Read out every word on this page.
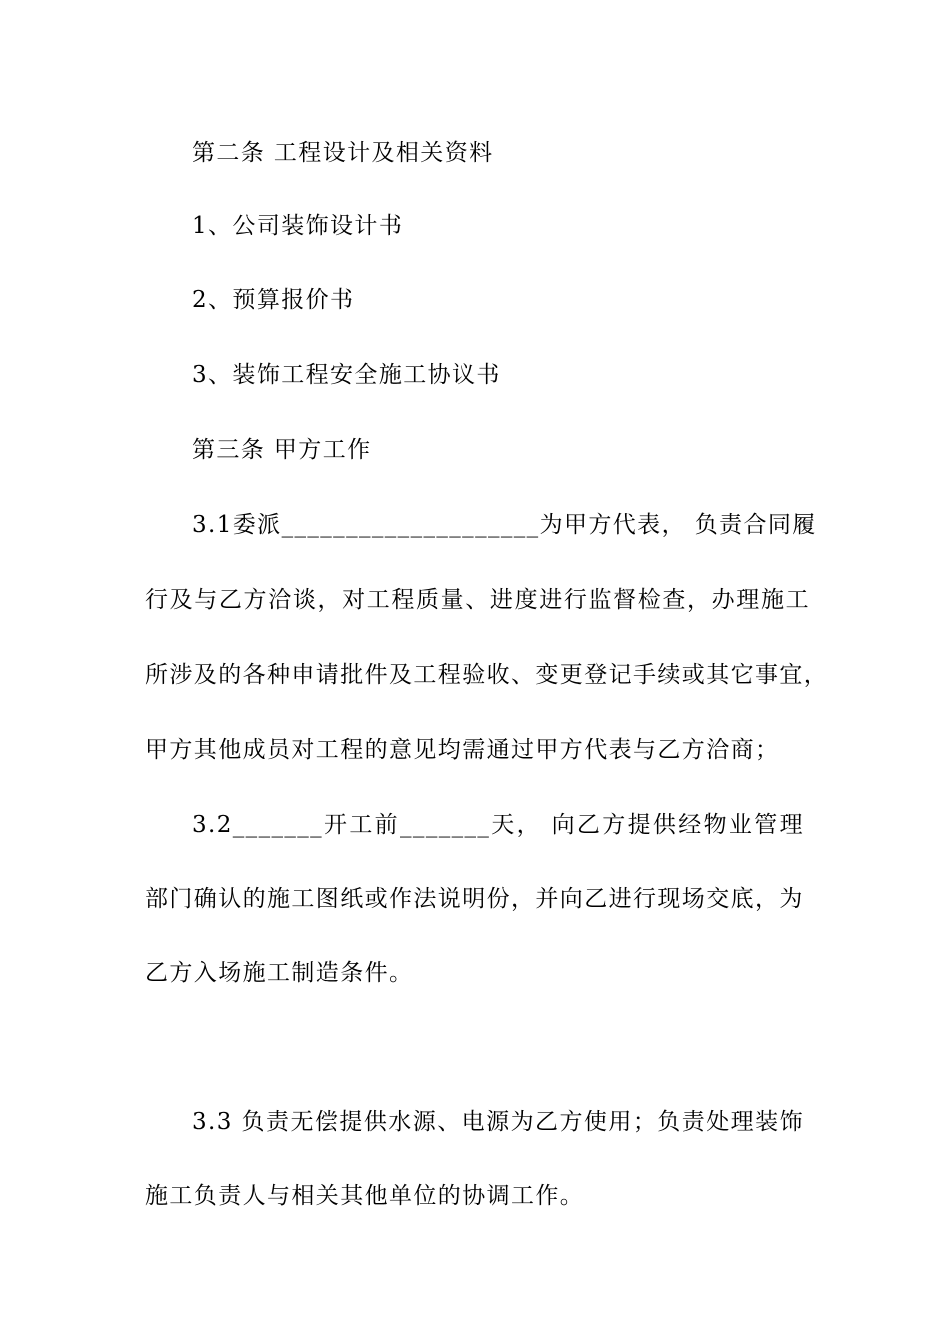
第二条 工程设计及相关资料
1、公司装饰设计书
2、预算报价书
3、装饰工程安全施工协议书
第三条 甲方工作
3.1委派____________________为甲方代表， 负责合同履
行及与乙方洽谈，对工程质量、进度进行监督检查，办理施工
所涉及的各种申请批件及工程验收、变更登记手续或其它事宜，
甲方其他成员对工程的意见均需通过甲方代表与乙方洽商；
3.2_______开工前_______天， 向乙方提供经物业管理
部门确认的施工图纸或作法说明份，并向乙进行现场交底，为
乙方入场施工制造条件。
3.3 负责无偿提供水源、电源为乙方使用；负责处理装饰
施工负责人与相关其他单位的协调工作。
